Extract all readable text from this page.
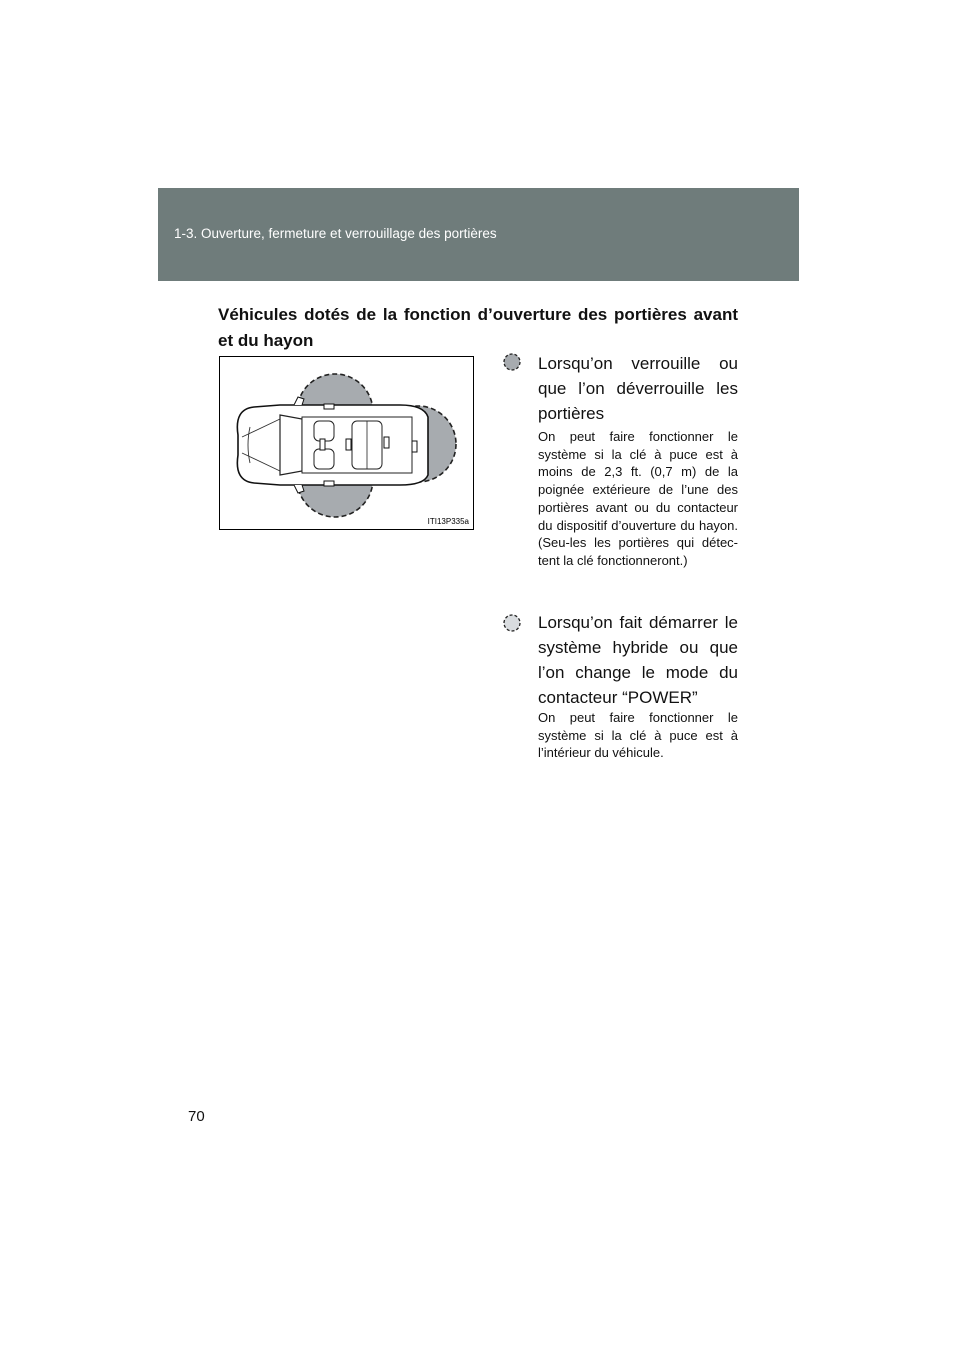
1-3. Ouverture, fermeture et verrouillage des portières
Véhicules dotés de la fonction d’ouverture des portières avant et du hayon
ITI13P335a
Lorsqu’on verrouille ou que l’on déverrouille les portières
On peut faire fonctionner le système si la clé à puce est à moins de 2,3 ft. (0,7 m) de la poignée extérieure de l’une des portières avant ou du contacteur du dispositif d’ouverture du hayon. (Seu-les les portières qui détec-tent la clé fonctionneront.)
Lorsqu’on fait démarrer le système hybride ou que l’on change le mode du contacteur “POWER”
On peut faire fonctionner le système si la clé à puce est à l’intérieur du véhicule.
70
